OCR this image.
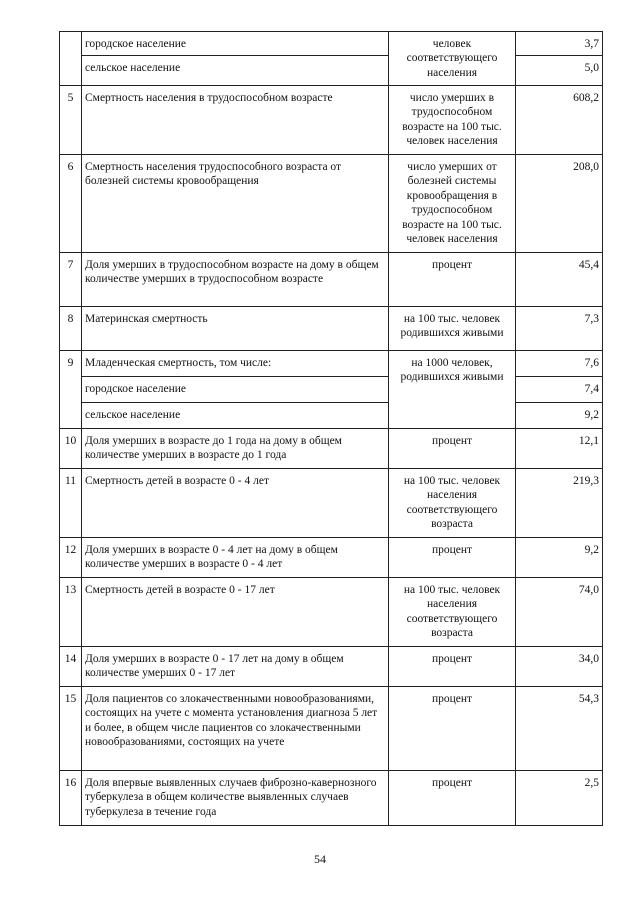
	городское население	человек соответствующего населения	3,7
	сельское население		5,0
5	Смертность населения в трудоспособном возрасте	число умерших в трудоспособном возрасте на 100 тыс. человек населения	608,2
6	Смертность населения трудоспособного возраста от болезней системы кровообращения	число умерших от болезней системы кровообращения в трудоспособном возрасте на 100 тыс. человек населения	208,0
7	Доля умерших в трудоспособном возрасте на дому в общем количестве умерших в трудоспособном возрасте	процент	45,4
8	Материнская смертность	на 100 тыс. человек родившихся живыми	7,3
9	Младенческая смертность, том числе:	на 1000 человек, родившихся живыми	7,6
	городское население		7,4
	сельское население		9,2
10	Доля умерших в возрасте до 1 года на дому в общем количестве умерших в возрасте до 1 года	процент	12,1
11	Смертность детей в возрасте 0 - 4 лет	на 100 тыс. человек населения соответствующего возраста	219,3
12	Доля умерших в возрасте 0 - 4 лет на дому в общем количестве умерших в возрасте 0 - 4 лет	процент	9,2
13	Смертность детей в возрасте 0 - 17 лет	на 100 тыс. человек населения соответствующего возраста	74,0
14	Доля умерших в возрасте 0 - 17 лет на дому в общем количестве умерших 0 - 17 лет	процент	34,0
15	Доля пациентов со злокачественными новообразованиями, состоящих на учете с момента установления диагноза 5 лет и более, в общем числе пациентов со злокачественными новообразованиями, состоящих на учете	процент	54,3
16	Доля впервые выявленных случаев фиброзно-кавернозного туберкулеза в общем количестве выявленных случаев туберкулеза в течение года	процент	2,5
54
